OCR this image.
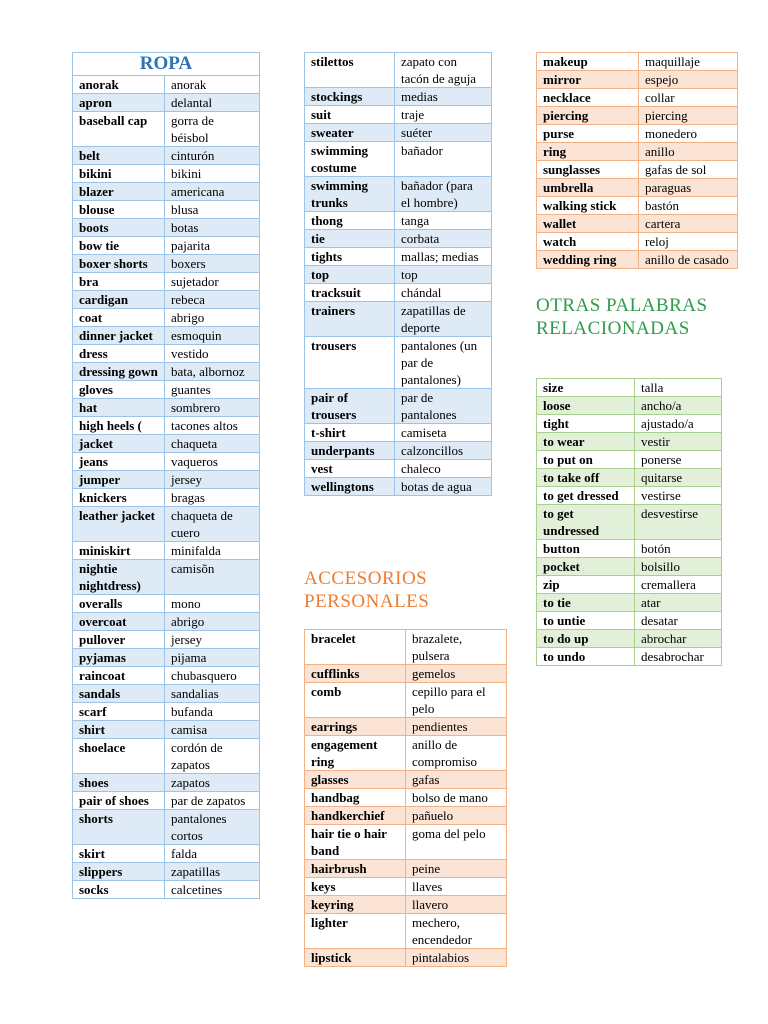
ROPA	
anorak	anorak
apron	delantal
baseball cap	gorra de béisbol
belt	cinturón
bikini	bikini
blazer	americana
blouse	blusa
boots	botas
bow tie	pajarita
boxer shorts	boxers
bra	sujetador
cardigan	rebeca
coat	abrigo
dinner jacket	esmoquin
dress	vestido
dressing gown	bata, albornoz
gloves	guantes
hat	sombrero
high heels (	tacones altos
jacket	chaqueta
jeans	vaqueros
jumper	jersey
knickers	bragas
leather jacket	chaqueta de cuero
miniskirt	minifalda
nightie nightdress)	camisõn
overalls	mono
overcoat	abrigo
pullover	jersey
pyjamas	pijama
raincoat	chubasquero
sandals	sandalias
scarf	bufanda
shirt	camisa
shoelace	cordón de zapatos
shoes	zapatos
pair of shoes	par de zapatos
shorts	pantalones cortos
skirt	falda
slippers	zapatillas
socks	calcetines
stilettos	zapato con tacón de aguja
stockings	medias
suit	traje
sweater	suéter
swimming costume	bañador
swimming trunks	bañador (para el hombre)
thong	tanga
tie	corbata
tights	mallas; medias
top	top
tracksuit	chándal
trainers	zapatillas de deporte
trousers	pantalones (un par de pantalones)
pair of trousers	par de pantalones
t-shirt	camiseta
underpants	calzoncillos
vest	chaleco
wellingtons	botas de agua
ACCESORIOS PERSONALES
bracelet	brazalete, pulsera
cufflinks	gemelos
comb	cepillo para el pelo
earrings	pendientes
engagement ring	anillo de compromiso
glasses	gafas
handbag	bolso de mano
handkerchief	pañuelo
hair tie o hair band	goma del pelo
hairbrush	peine
keys	llaves
keyring	llavero
lighter	mechero, encendedor
lipstick	pintalabios
makeup	maquillaje
mirror	espejo
necklace	collar
piercing	piercing
purse	monedero
ring	anillo
sunglasses	gafas de sol
umbrella	paraguas
walking stick	bastón
wallet	cartera
watch	reloj
wedding ring	anillo de casado
OTRAS PALABRAS RELACIONADAS
size	talla
loose	ancho/a
tight	ajustado/a
to wear	vestir
to put on	ponerse
to take off	quitarse
to get dressed	vestirse
to get undressed	desvestirse
button	botón
pocket	bolsillo
zip	cremallera
to tie	atar
to untie	desatar
to do up	abrochar
to undo	desabrochar
